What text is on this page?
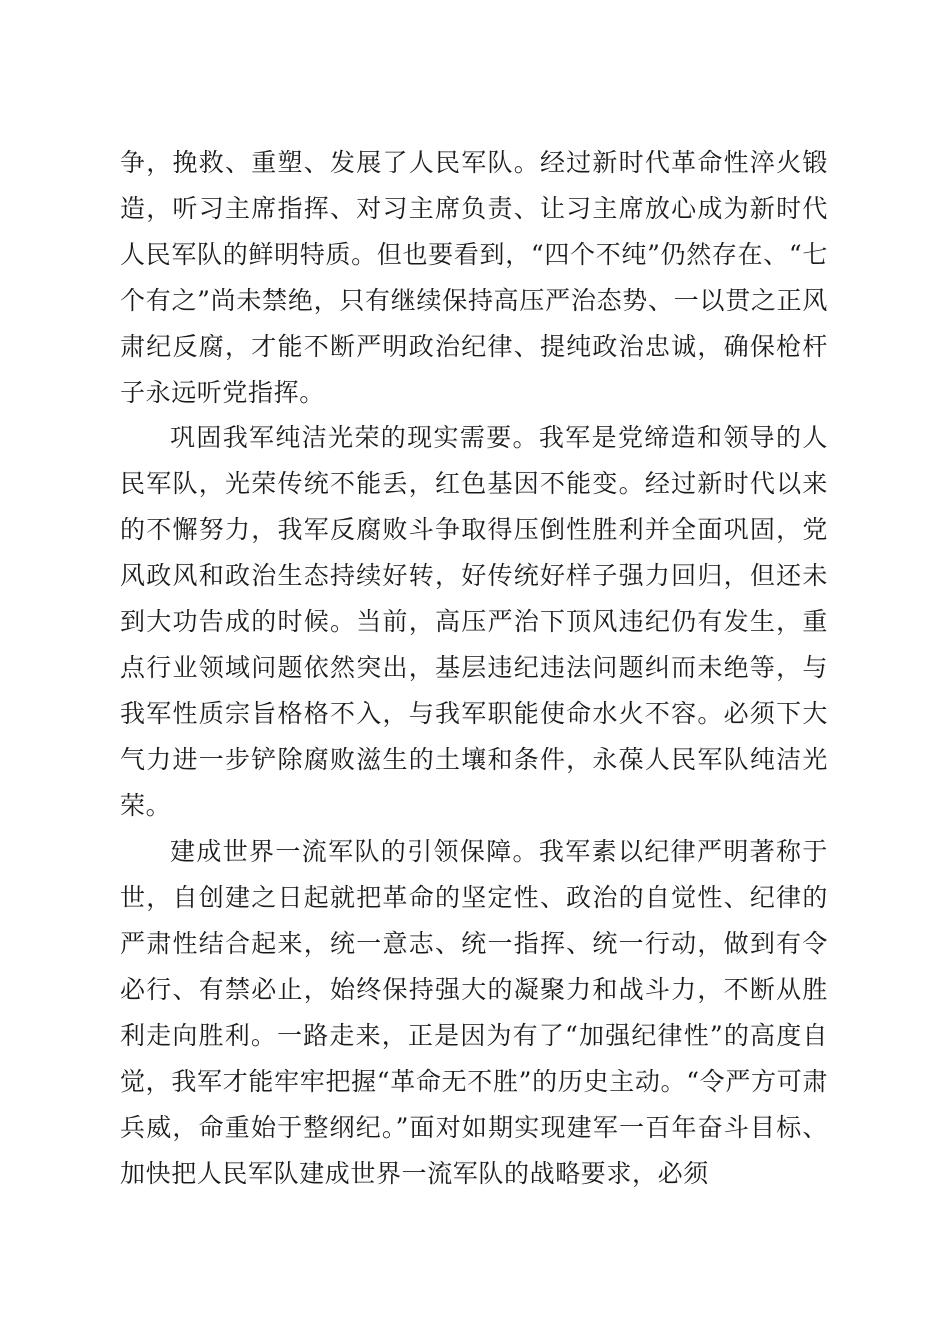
争，挽救、重塑、发展了人民军队。经过新时代革命性淬火锻造，听习主席指挥、对习主席负责、让习主席放心成为新时代人民军队的鲜明特质。但也要看到，“四个不纯”仍然存在、“七个有之”尚未禁绝，只有继续保持高压严治态势、一以贯之正风肃纪反腐，才能不断严明政治纪律、提纯政治忠诚，确保枪杆子永远听党指挥。

巩固我军纯洁光荣的现实需要。我军是党缔造和领导的人民军队，光荣传统不能丢，红色基因不能变。经过新时代以来的不懈努力，我军反腐败斗争取得压倒性胜利并全面巩固，党风政风和政治生态持续好转，好传统好样子强力回归，但还未到大功告成的时候。当前，高压严治下顶风违纪仍有发生，重点行业领域问题依然突出，基层违纪违法问题纠而未绝等，与我军性质宗旨格格不入，与我军职能使命水火不容。必须下大气力进一步铲除腐败滋生的土壤和条件，永葆人民军队纯洁光荣。

建成世界一流军队的引领保障。我军素以纪律严明著称于世，自创建之日起就把革命的坚定性、政治的自觉性、纪律的严肃性结合起来，统一意志、统一指挥、统一行动，做到有令必行、有禁必止，始终保持强大的凝聚力和战斗力，不断从胜利走向胜利。一路走来，正是因为有了“加强纪律性”的高度自觉，我军才能牢牢把握“革命无不胜”的历史主动。“令严方可肃兵威，命重始于整纲纪。”面对如期实现建军一百年奋斗目标、加快把人民军队建成世界一流军队的战略要求，必须
